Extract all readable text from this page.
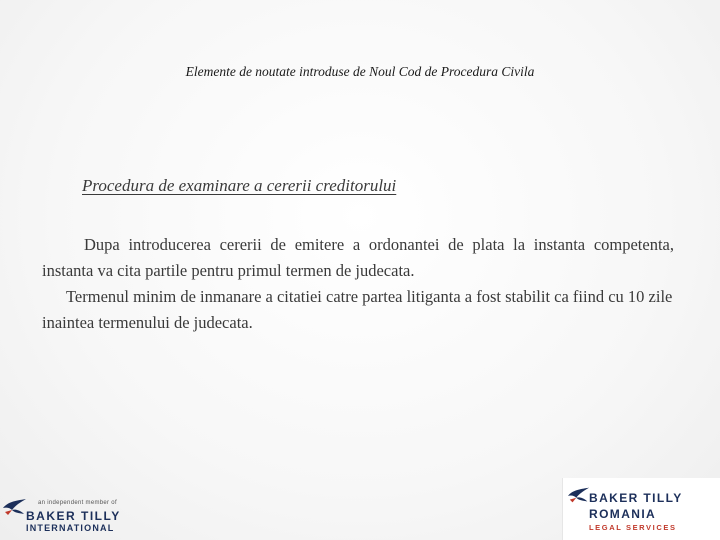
Elemente de noutate introduse de Noul Cod de Procedura Civila
Procedura de examinare a cererii creditorului

Dupa introducerea cererii de emitere a ordonantei de plata la instanta competenta, instanta va cita partile pentru primul termen de judecata.

Termenul minim de inmanare a citatiei catre partea litiganta a fost stabilit ca fiind cu 10 zile inaintea termenului de judecata.

an independent member of
BAKER TILLY
INTERNATIONAL
BAKER TILLY
ROMANIA
LEGAL SERVICES
